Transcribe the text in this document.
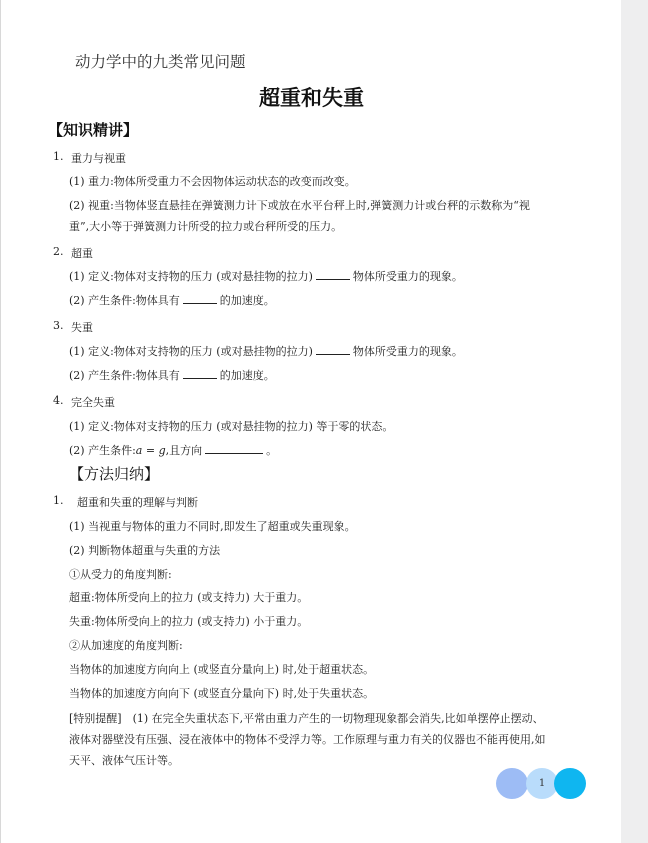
动力学中的九类常见问题
超重和失重
【知识精讲】
1. 重力与视重
(1) 重力:物体所受重力不会因物体运动状态的改变而改变。
(2) 视重:当物体竖直悬挂在弹簧测力计下或放在水平台秤上时,弹簧测力计或台秤的示数称为“视
重”,大小等于弹簧测力计所受的拉力或台秤所受的压力。
2. 超重
(1) 定义:物体对支持物的压力 (或对悬挂物的拉力)	物体所受重力的现象。
(2) 产生条件:物体具有	的加速度。
3. 失重
(1) 定义:物体对支持物的压力 (或对悬挂物的拉力)	物体所受重力的现象。
(2) 产生条件:物体具有	的加速度。
4. 完全失重
(1) 定义:物体对支持物的压力 (或对悬挂物的拉力) 等于零的状态。
(2) 产生条件:a = g,且方向	。
【方法归纳】
1. 超重和失重的理解与判断
(1) 当视重与物体的重力不同时,即发生了超重或失重现象。
(2) 判断物体超重与失重的方法
①从受力的角度判断:
超重:物体所受向上的拉力 (或支持力) 大于重力。
失重:物体所受向上的拉力 (或支持力) 小于重力。
②从加速度的角度判断:
当物体的加速度方向向上 (或竖直分量向上) 时,处于超重状态。
当物体的加速度方向向下 (或竖直分量向下) 时,处于失重状态。
[特别提醒]　(1) 在完全失重状态下,平常由重力产生的一切物理现象都会消失,比如单摆停止摆动、
液体对器壁没有压强、浸在液体中的物体不受浮力等。工作原理与重力有关的仪器也不能再使用,如
天平、液体气压计等。
1
